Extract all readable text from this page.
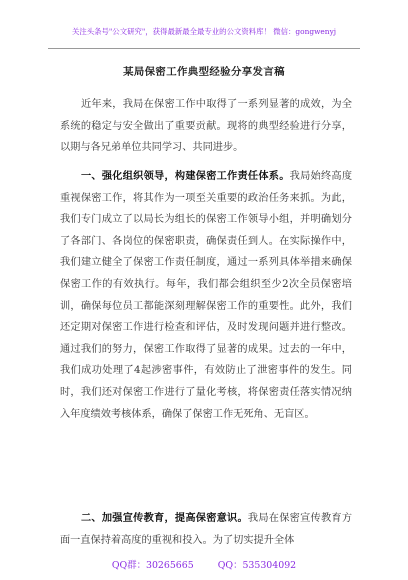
关注头条号"公文研究"，获得最新最全最专业的公文资料库！ 微信：gongwenyj
某局保密工作典型经验分享发言稿

近年来，我局在保密工作中取得了一系列显著的成效，为全系统的稳定与安全做出了重要贡献。现将的典型经验进行分享，以期与各兄弟单位共同学习、共同进步。

一、强化组织领导，构建保密工作责任体系。我局始终高度重视保密工作，将其作为一项至关重要的政治任务来抓。为此，我们专门成立了以局长为组长的保密工作领导小组，并明确划分了各部门、各岗位的保密职责，确保责任到人。在实际操作中，我们建立健全了保密工作责任制度，通过一系列具体举措来确保保密工作的有效执行。每年，我们都会组织至少2次全员保密培训，确保每位员工都能深刻理解保密工作的重要性。此外，我们还定期对保密工作进行检查和评估，及时发现问题并进行整改。通过我们的努力，保密工作取得了显著的成果。过去的一年中，我们成功处理了4起涉密事件，有效防止了泄密事件的发生。同时，我们还对保密工作进行了量化考核，将保密责任落实情况纳入年度绩效考核体系，确保了保密工作无死角、无盲区。

二、加强宣传教育，提高保密意识。我局在保密宣传教育方面一直保持着高度的重视和投入。为了切实提升全体

QQ群：30265665	QQ：535304092
